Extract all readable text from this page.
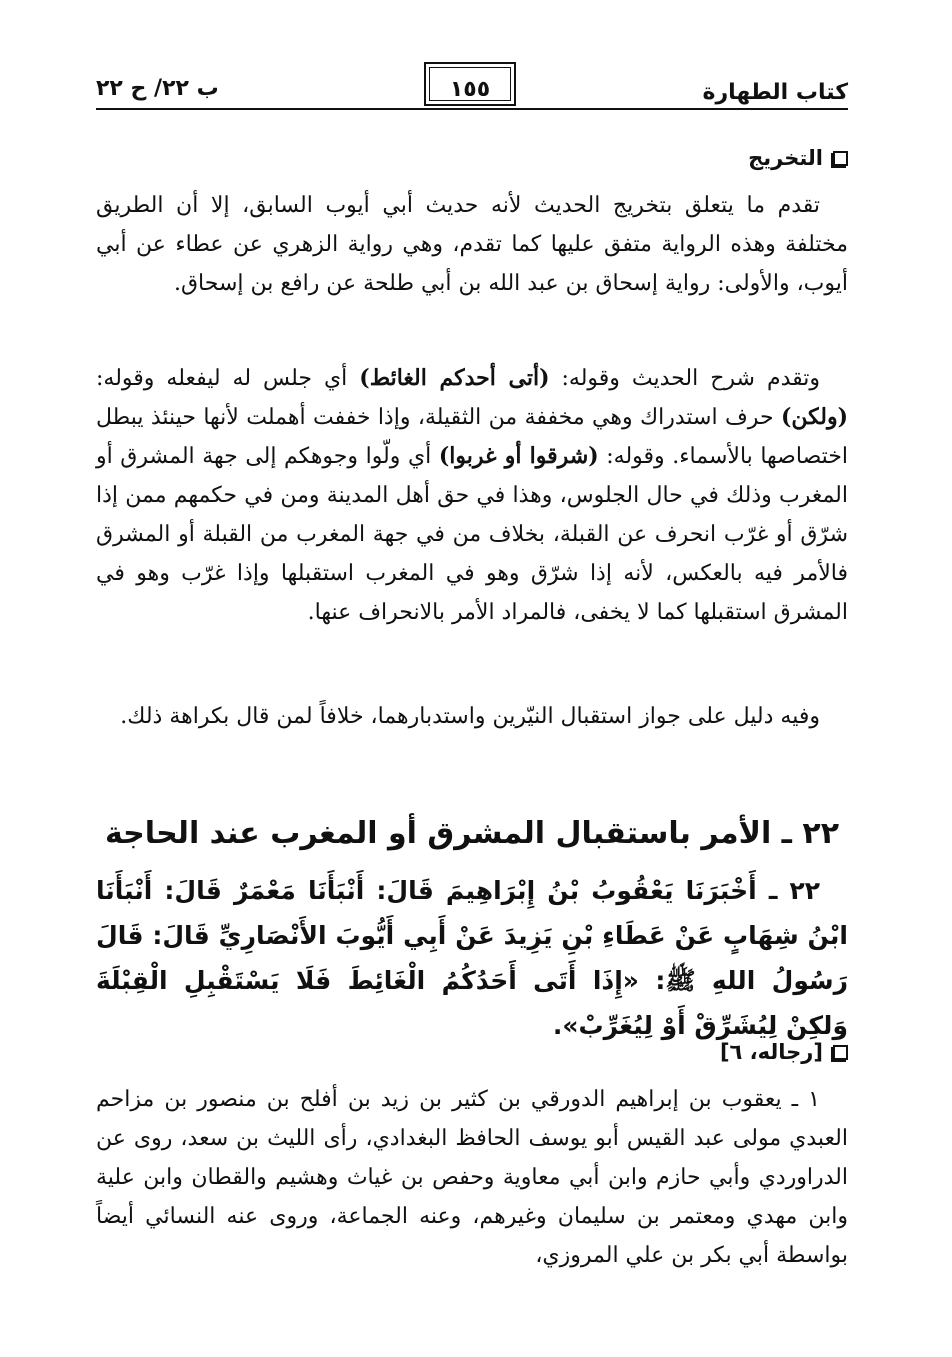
كتاب الطهارة
١٥٥
ب ٢٢/ ح ٢٢
التخريج

تقدم ما يتعلق بتخريج الحديث لأنه حديث أبي أيوب السابق، إلا أن الطريق مختلفة وهذه الرواية متفق عليها كما تقدم، وهي رواية الزهري عن عطاء عن أبي أيوب، والأولى: رواية إسحاق بن عبد الله بن أبي طلحة عن رافع بن إسحاق.

وتقدم شرح الحديث وقوله: (أتى أحدكم الغائط) أي جلس له ليفعله وقوله: (ولكن) حرف استدراك وهي مخففة من الثقيلة، وإذا خففت أهملت لأنها حينئذ يبطل اختصاصها بالأسماء. وقوله: (شرقوا أو غربوا) أي ولّوا وجوهكم إلى جهة المشرق أو المغرب وذلك في حال الجلوس، وهذا في حق أهل المدينة ومن في حكمهم ممن إذا شرّق أو غرّب انحرف عن القبلة، بخلاف من في جهة المغرب من القبلة أو المشرق فالأمر فيه بالعكس، لأنه إذا شرّق وهو في المغرب استقبلها وإذا غرّب وهو في المشرق استقبلها كما لا يخفى، فالمراد الأمر بالانحراف عنها.

وفيه دليل على جواز استقبال النيّرين واستدبارهما، خلافاً لمن قال بكراهة ذلك.

٢٢ ـ الأمر باستقبال المشرق أو المغرب عند الحاجة

٢٢ ـ أَخْبَرَنَا يَعْقُوبُ بْنُ إِبْرَاهِيمَ قَالَ: أَنْبَأَنَا مَعْمَرٌ قَالَ: أَنْبَأَنَا ابْنُ شِهَابٍ عَنْ عَطَاءِ بْنِ يَزِيدَ عَنْ أَبِي أَيُّوبَ الأَنْصَارِيِّ قَالَ: قَالَ رَسُولُ اللهِ ﷺ: «إِذَا أَتَى أَحَدُكُمُ الْغَائِطَ فَلَا يَسْتَقْبِلِ الْقِبْلَةَ وَلكِنْ لِيُشَرِّقْ أَوْ لِيُغَرِّبْ».

[رجاله، ٦]

١ ـ يعقوب بن إبراهيم الدورقي بن كثير بن زيد بن أفلح بن منصور بن مزاحم العبدي مولى عبد القيس أبو يوسف الحافظ البغدادي، رأى الليث بن سعد، روى عن الدراوردي وأبي حازم وابن أبي معاوية وحفص بن غياث وهشيم والقطان وابن علية وابن مهدي ومعتمر بن سليمان وغيرهم، وعنه الجماعة، وروى عنه النسائي أيضاً بواسطة أبي بكر بن علي المروزي،
